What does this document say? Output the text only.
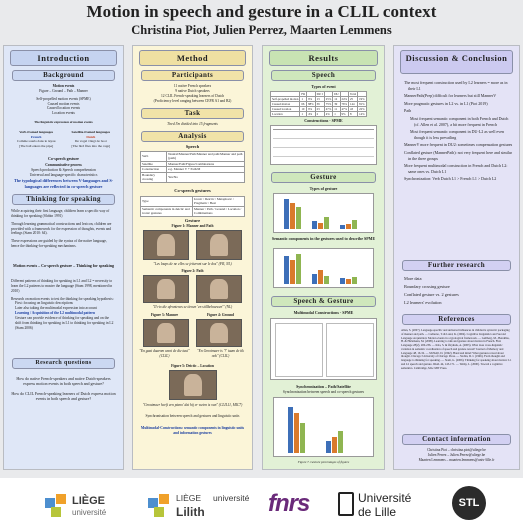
Motion in speech and gesture in a CLIL context
Christina Piot, Julien Perrez, Maarten Lemmens
Introduction
Background
Motion events
Figure – Ground – Path – Manner
Self-propelled motion events (SPME)
Caused motion events
Caused location events
Location events
The linguistic expression of motion events
Verb-framed languages
French
Comme souris dans le tuyau
[The ball enters the pipe]
Satellite-framed languages
Dutch
De vogel vliegt de boot
[The bird flies into the cage]
Co-speech gesture
Communicative process
Speech production & Speech comprehension
Universal and language-specific characteristics
The typological differences between V-languages and S-languages are reflected in co-speech gesture
Thinking for speaking
While acquiring their first language, children learn a specific way of thinking for speaking (Slobin 1991)
Through learning grammatical constructions and lexicon, children are provided with a framework for the expression of thoughts, events and feelings (Stam 2010: 64).
These expressions are guided by the syntax of the native language, hence the thinking-for-speaking mechanisms.
Motion events – Co-speech gesture – Thinking for speaking
Different patterns of thinking for speaking in L1 and L2 = necessity to learn the L2 patterns to master the language (Stam 1998, mentioned in 2010)
Research on motion events to test the thinking for speaking hypothesis:
First: focusing on linguistic descriptions
Later also taking the multimodal expression into account
Learning / Acquisition of the L2 multimodal pattern
Gesture can provide evidence of thinking for speaking and on the shift from thinking for speaking in L1 to thinking for speaking in L2 (Stam 2006)
Research questions
How do native French-speakers and native Dutch-speakers express motion events in both speech and gesture?
How do CLIL French-speaking learners of Dutch express motion events in both speech and gesture?
Method
Participants
11 native French speakers
9 native Dutch speakers
12 CLIL French-speaking learners of Dutch
(Proficiency level ranging between CEFR A1 and B2)
Task
Tired I'm divided into 15 fragments
Analysis
Speech
Verb	Neutral/Manner/Path/Manner and path/Manner and path (path)
Satellite	Manner/Path/Figure/Combinations
Construction	e.g. Manner V + Path/M
Boundary crossing	Yes/No
Co-speech gestures
Type	Iconic / Deictic / Metaphoric / Pragmatic / Beat
Semantic components in deictic and iconic gestures	Manner / Path / Ground / Location / Combinations
Gesture
Figure 1: Manner and Path
"Les loups de ne elles se jetteront sur le dos" (FR, NL)
Figure 2: Path
"Il rio die afrontenes se tienen 'en stillbehouwen'" (NL)
Figure 3: Manner	Figure 4: Ground
"En gaat daarom want de die tuut" (CLIL)
"En Grootmaer is '?' tuum de tik ook" (CLIL)
Figure 5: Deictic – Location
"Grootmaer heeft een piano' dat hij er weten is van" (CLIL11, MIC7)
Synchronisation between speech and gestures and linguistic units
Multimodal-Constructions: semantic components in linguistic units and information gestures
Results
Speech
Types of event
	FR		DU I		DU		Total	
Self-propelled motion	1	9%	13	25%	12	24%	25	19%
Caused motion	66	88%	39	75%	39	76%	144	81%
Caused location	10	9%	23	47%	11	47%	43	22%
Location	1	4%	2	4%	1	9%	8	14%
Constructions - SPME
Gesture
Types of gesture
Semantic components in the gestures used to describe SPME
Speech & Gesture
Multimodal Constructions - SPME
Synchronization – Path/Satellite
Synchronization between speech and co-speech gestures
Figure 7. Gesture percentages of figures
Discussion & Conclusion
The most frequent construction used by L2 learners = more as in their L1
MannerPath(Prep) difficult for learners but still MannerV
More pragmatic gestures in L2 vs. in L1 (Piot 2019)
Path
Most frequent semantic component in both French and Dutch (cf. Allen et al. 2007), a bit more frequent in French
Most frequent semantic component in DU-L2 as well even though it is less prevailing
MannerV more frequent in DU2: sometimes compensation gestures
Conflated gesture (MannerPath): not very frequent here and similar in the three groups
More frequent multimodal construction in French and Dutch L2: same ones vs. Dutch L1
Synchronization: Verb Dutch L1 > French L1 > Dutch L2
Further research
More data
Boundary crossing gesture
Conflated gesture vs. 2 gestures
L2 learners' evolution
References
Allen, S. (2007). Language-specific and universal influences in children's syntactic packaging of manner and path. — Cadierno, T. & Lund, K. (2004). Cognitive Linguistics and Second Language Acquisition: Motion events in a typological framework. — Gullberg, M., Hendriks, H. & Hickmann, M. (2008). Learning to talk and gesture about motion in French. First Language 28(2), 200-236. — Kita, S. & Özyürek, A. (2003). What does cross-linguistic variation in semantic coordination of speech and gesture reveal? Journal of Memory and Language 48, 16-32. — McNeill, D. (1992). Hand and mind: What gestures reveal about thought. Chicago: University of Chicago Press. — Slobin, D. I. (1996). From thought and language to thinking for speaking. — Stam, G. (2006). Thinking for speaking about motion: L1 and L2 speech and gesture. IRAL 44, 145-171. — Talmy, L. (2000). Toward a cognitive semantics. Cambridge, MA: MIT Press.
Contact information
Christina Piot – christina.piot@uliege.be
Julien Perrez – Julien.Perrez@uliege.be
Maarten Lemmens – maarten.lemmens@univ-lille.fr
LIÈGE
université
LIÈGE université
Lilith	fnrs	Université
de Lille
STL
